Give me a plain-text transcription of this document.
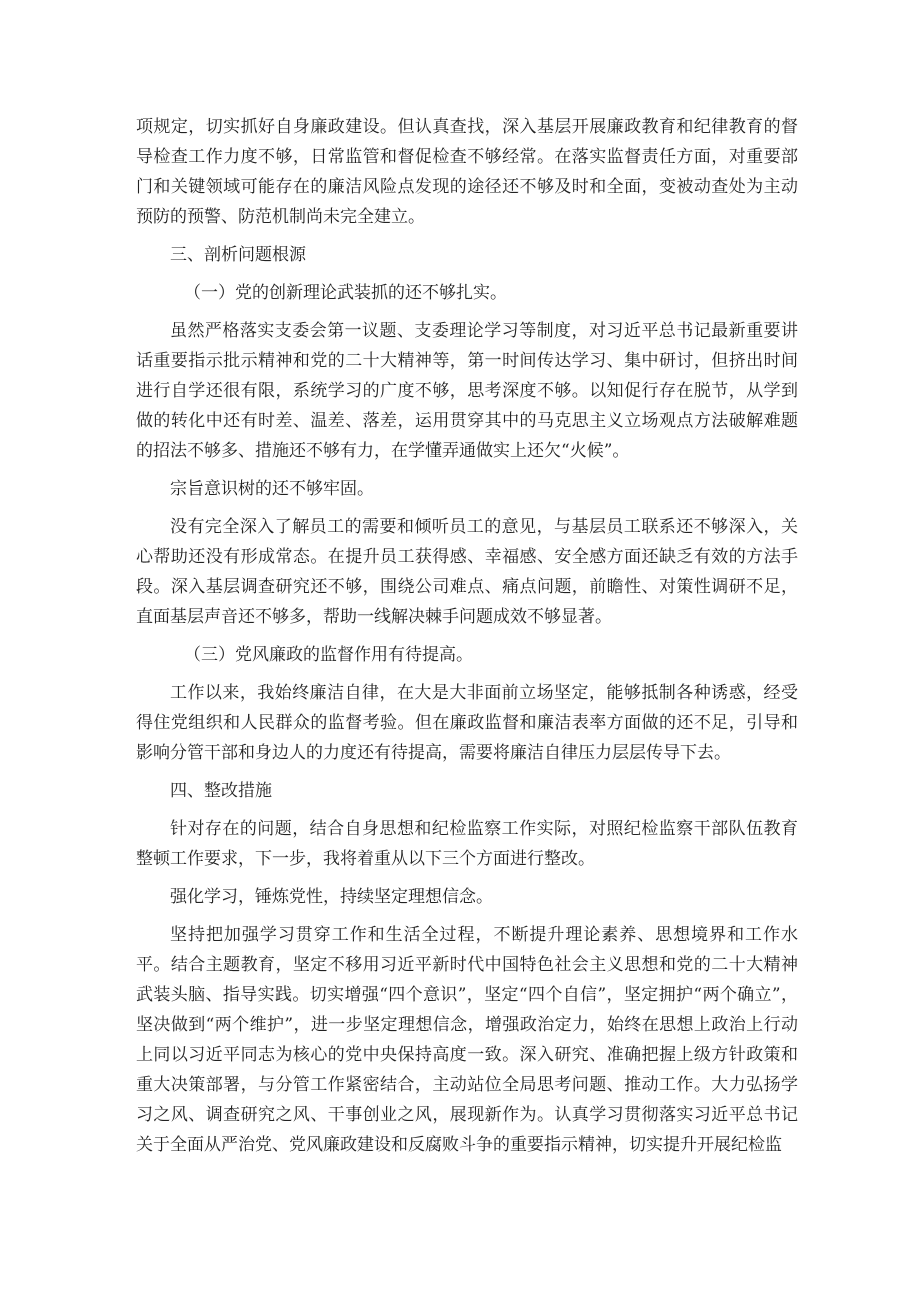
项规定，切实抓好自身廉政建设。但认真查找，深入基层开展廉政教育和纪律教育的督导检查工作力度不够，日常监管和督促检查不够经常。在落实监督责任方面，对重要部门和关键领域可能存在的廉洁风险点发现的途径还不够及时和全面，变被动查处为主动预防的预警、防范机制尚未完全建立。

三、剖析问题根源

（一）党的创新理论武装抓的还不够扎实。

虽然严格落实支委会第一议题、支委理论学习等制度，对习近平总书记最新重要讲话重要指示批示精神和党的二十大精神等，第一时间传达学习、集中研讨，但挤出时间进行自学还很有限，系统学习的广度不够，思考深度不够。以知促行存在脱节，从学到做的转化中还有时差、温差、落差，运用贯穿其中的马克思主义立场观点方法破解难题的招法不够多、措施还不够有力，在学懂弄通做实上还欠“火候”。

宗旨意识树的还不够牢固。

没有完全深入了解员工的需要和倾听员工的意见，与基层员工联系还不够深入，关心帮助还没有形成常态。在提升员工获得感、幸福感、安全感方面还缺乏有效的方法手段。深入基层调查研究还不够，围绕公司难点、痛点问题，前瞻性、对策性调研不足，直面基层声音还不够多，帮助一线解决棘手问题成效不够显著。

（三）党风廉政的监督作用有待提高。

工作以来，我始终廉洁自律，在大是大非面前立场坚定，能够抵制各种诱惑，经受得住党组织和人民群众的监督考验。但在廉政监督和廉洁表率方面做的还不足，引导和影响分管干部和身边人的力度还有待提高，需要将廉洁自律压力层层传导下去。

四、整改措施

针对存在的问题，结合自身思想和纪检监察工作实际，对照纪检监察干部队伍教育整顿工作要求，下一步，我将着重从以下三个方面进行整改。

强化学习，锤炼党性，持续坚定理想信念。

坚持把加强学习贯穿工作和生活全过程，不断提升理论素养、思想境界和工作水平。结合主题教育，坚定不移用习近平新时代中国特色社会主义思想和党的二十大精神武装头脑、指导实践。切实增强“四个意识”，坚定“四个自信”，坚定拥护“两个确立”，坚决做到“两个维护”，进一步坚定理想信念，增强政治定力，始终在思想上政治上行动上同以习近平同志为核心的党中央保持高度一致。深入研究、准确把握上级方针政策和重大决策部署，与分管工作紧密结合，主动站位全局思考问题、推动工作。大力弘扬学习之风、调查研究之风、干事创业之风，展现新作为。认真学习贯彻落实习近平总书记关于全面从严治党、党风廉政建设和反腐败斗争的重要指示精神，切实提升开展纪检监
